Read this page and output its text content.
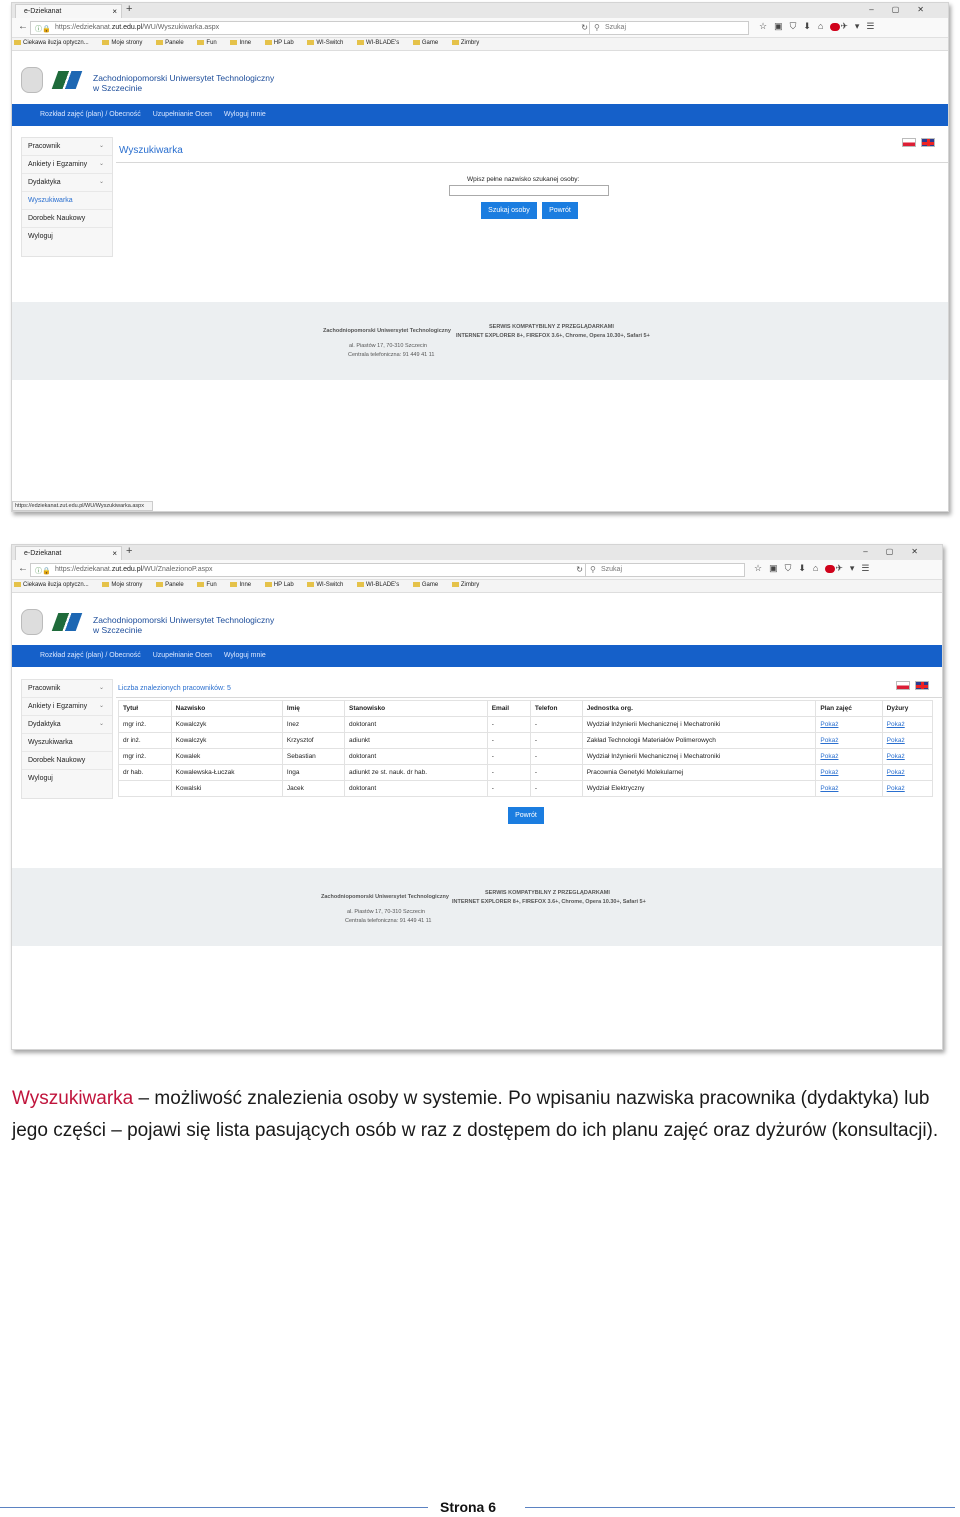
e-Dziekanat	× +	–▢✕
← ⓘ🔒 https://edziekanat.zut.edu.pl/WU/Wyszukiwarka.aspx	↻ ⚲ Szukaj	☆▣⛉⬇⌂ ✈▾☰
Ciekawa iluzja optyczn...	Moje strony	Panele	Fun	Inne	HP Lab	WI-Switch	WI-BLADE's	Game	Zimbry
Zachodniopomorski Uniwersytet Technologiczny
w Szczecinie
Rozkład zajęć (plan) / Obecność Uzupełnianie Ocen Wyloguj mnie
Pracownik	⌄
Ankiety i Egzaminy ⌄
Dydaktyka	⌄
Wyszukiwarka
Dorobek Naukowy
Wyloguj
Wyszukiwarka
Wpisz pełne nazwisko szukanej osoby:
Szukaj osoby	Powrót
Zachodniopomorski Uniwersytet Technologiczny
SERWIS KOMPATYBILNY Z PRZEGLĄDARKAMI
INTERNET EXPLORER 8+, FIREFOX 3.6+, Chrome, Opera 10.30+, Safari 5+
al. Piastów 17, 70-310 Szczecin
Centrala telefoniczna: 91 449 41 11
https://edziekanat.zut.edu.pl/WU/Wyszukiwarka.aspx
e-Dziekanat	× +	–▢✕
← ⓘ🔒 https://edziekanat.zut.edu.pl/WU/ZnalezionoP.aspx	↻ ⚲ Szukaj	☆▣⛉⬇⌂ ✈▾☰
Ciekawa iluzja optyczn...	Moje strony	Panele	Fun	Inne	HP Lab	WI-Switch	WI-BLADE's	Game	Zimbry
Zachodniopomorski Uniwersytet Technologiczny
w Szczecinie
Rozkład zajęć (plan) / Obecność Uzupełnianie Ocen Wyloguj mnie
Pracownik	⌄
Ankiety i Egzaminy ⌄
Dydaktyka	⌄
Wyszukiwarka
Dorobek Naukowy
Wyloguj
Liczba znalezionych pracowników: 5
Tytuł	Nazwisko	Imię	Stanowisko	Email	Telefon	Jednostka org.	Plan zajęć	Dyżury
mgr inż.	Kowalczyk	Inez	doktorant	-	-	Wydział Inżynierii Mechanicznej i Mechatroniki	Pokaż	Pokaż
dr inż.	Kowalczyk	Krzysztof	adiunkt	-	-	Zakład Technologii Materiałów Polimerowych	Pokaż	Pokaż
mgr inż.	Kowalek	Sebastian	doktorant	-	-	Wydział Inżynierii Mechanicznej i Mechatroniki	Pokaż	Pokaż
dr hab.	Kowalewska-Łuczak	Inga	adiunkt ze st. nauk. dr hab.	-	-	Pracownia Genetyki Molekularnej	Pokaż	Pokaż
	Kowalski	Jacek	doktorant	-	-	Wydział Elektryczny	Pokaż	Pokaż
Powrót
Zachodniopomorski Uniwersytet Technologiczny
SERWIS KOMPATYBILNY Z PRZEGLĄDARKAMI
INTERNET EXPLORER 8+, FIREFOX 3.6+, Chrome, Opera 10.30+, Safari 5+
al. Piastów 17, 70-310 Szczecin
Centrala telefoniczna: 91 449 41 11
Wyszukiwarka – możliwość znalezienia osoby w systemie. Po wpisaniu nazwiska pracownika (dydaktyka) lub jego części – pojawi się lista pasujących osób w raz z dostępem do ich planu zajęć oraz dyżurów (konsultacji).
Strona 6
